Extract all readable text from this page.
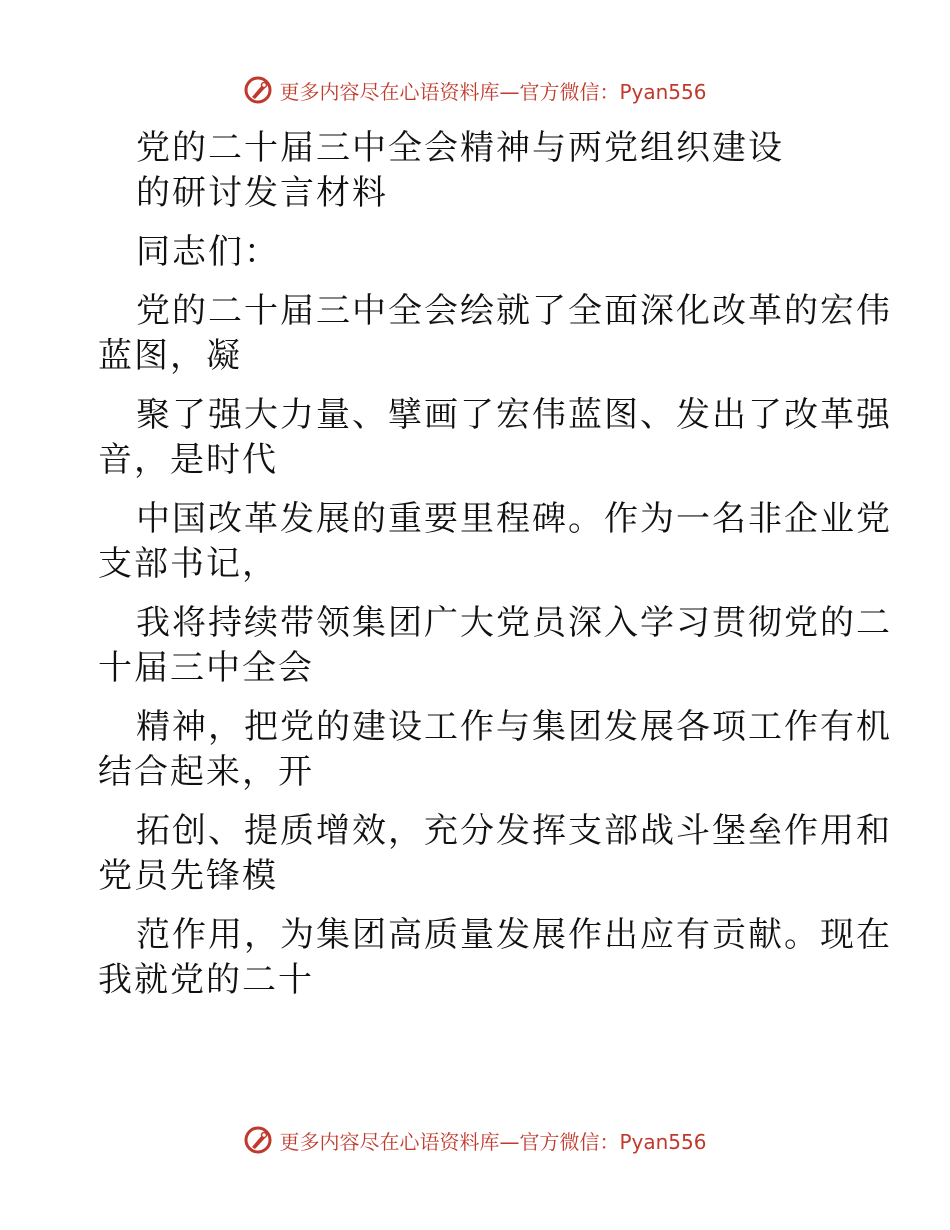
更多内容尽在心语资料库—官方微信：Pyan556
党的二十届三中全会精神与两党组织建设
的研讨发言材料
同志们：
党的二十届三中全会绘就了全面深化改革的宏伟
蓝图，凝
聚了强大力量、擘画了宏伟蓝图、发出了改革强
音，是时代
中国改革发展的重要里程碑。作为一名非企业党
支部书记，
我将持续带领集团广大党员深入学习贯彻党的二
十届三中全会
精神，把党的建设工作与集团发展各项工作有机
结合起来，开
拓创、提质增效，充分发挥支部战斗堡垒作用和
党员先锋模
范作用，为集团高质量发展作出应有贡献。现在
我就党的二十
更多内容尽在心语资料库—官方微信：Pyan556
